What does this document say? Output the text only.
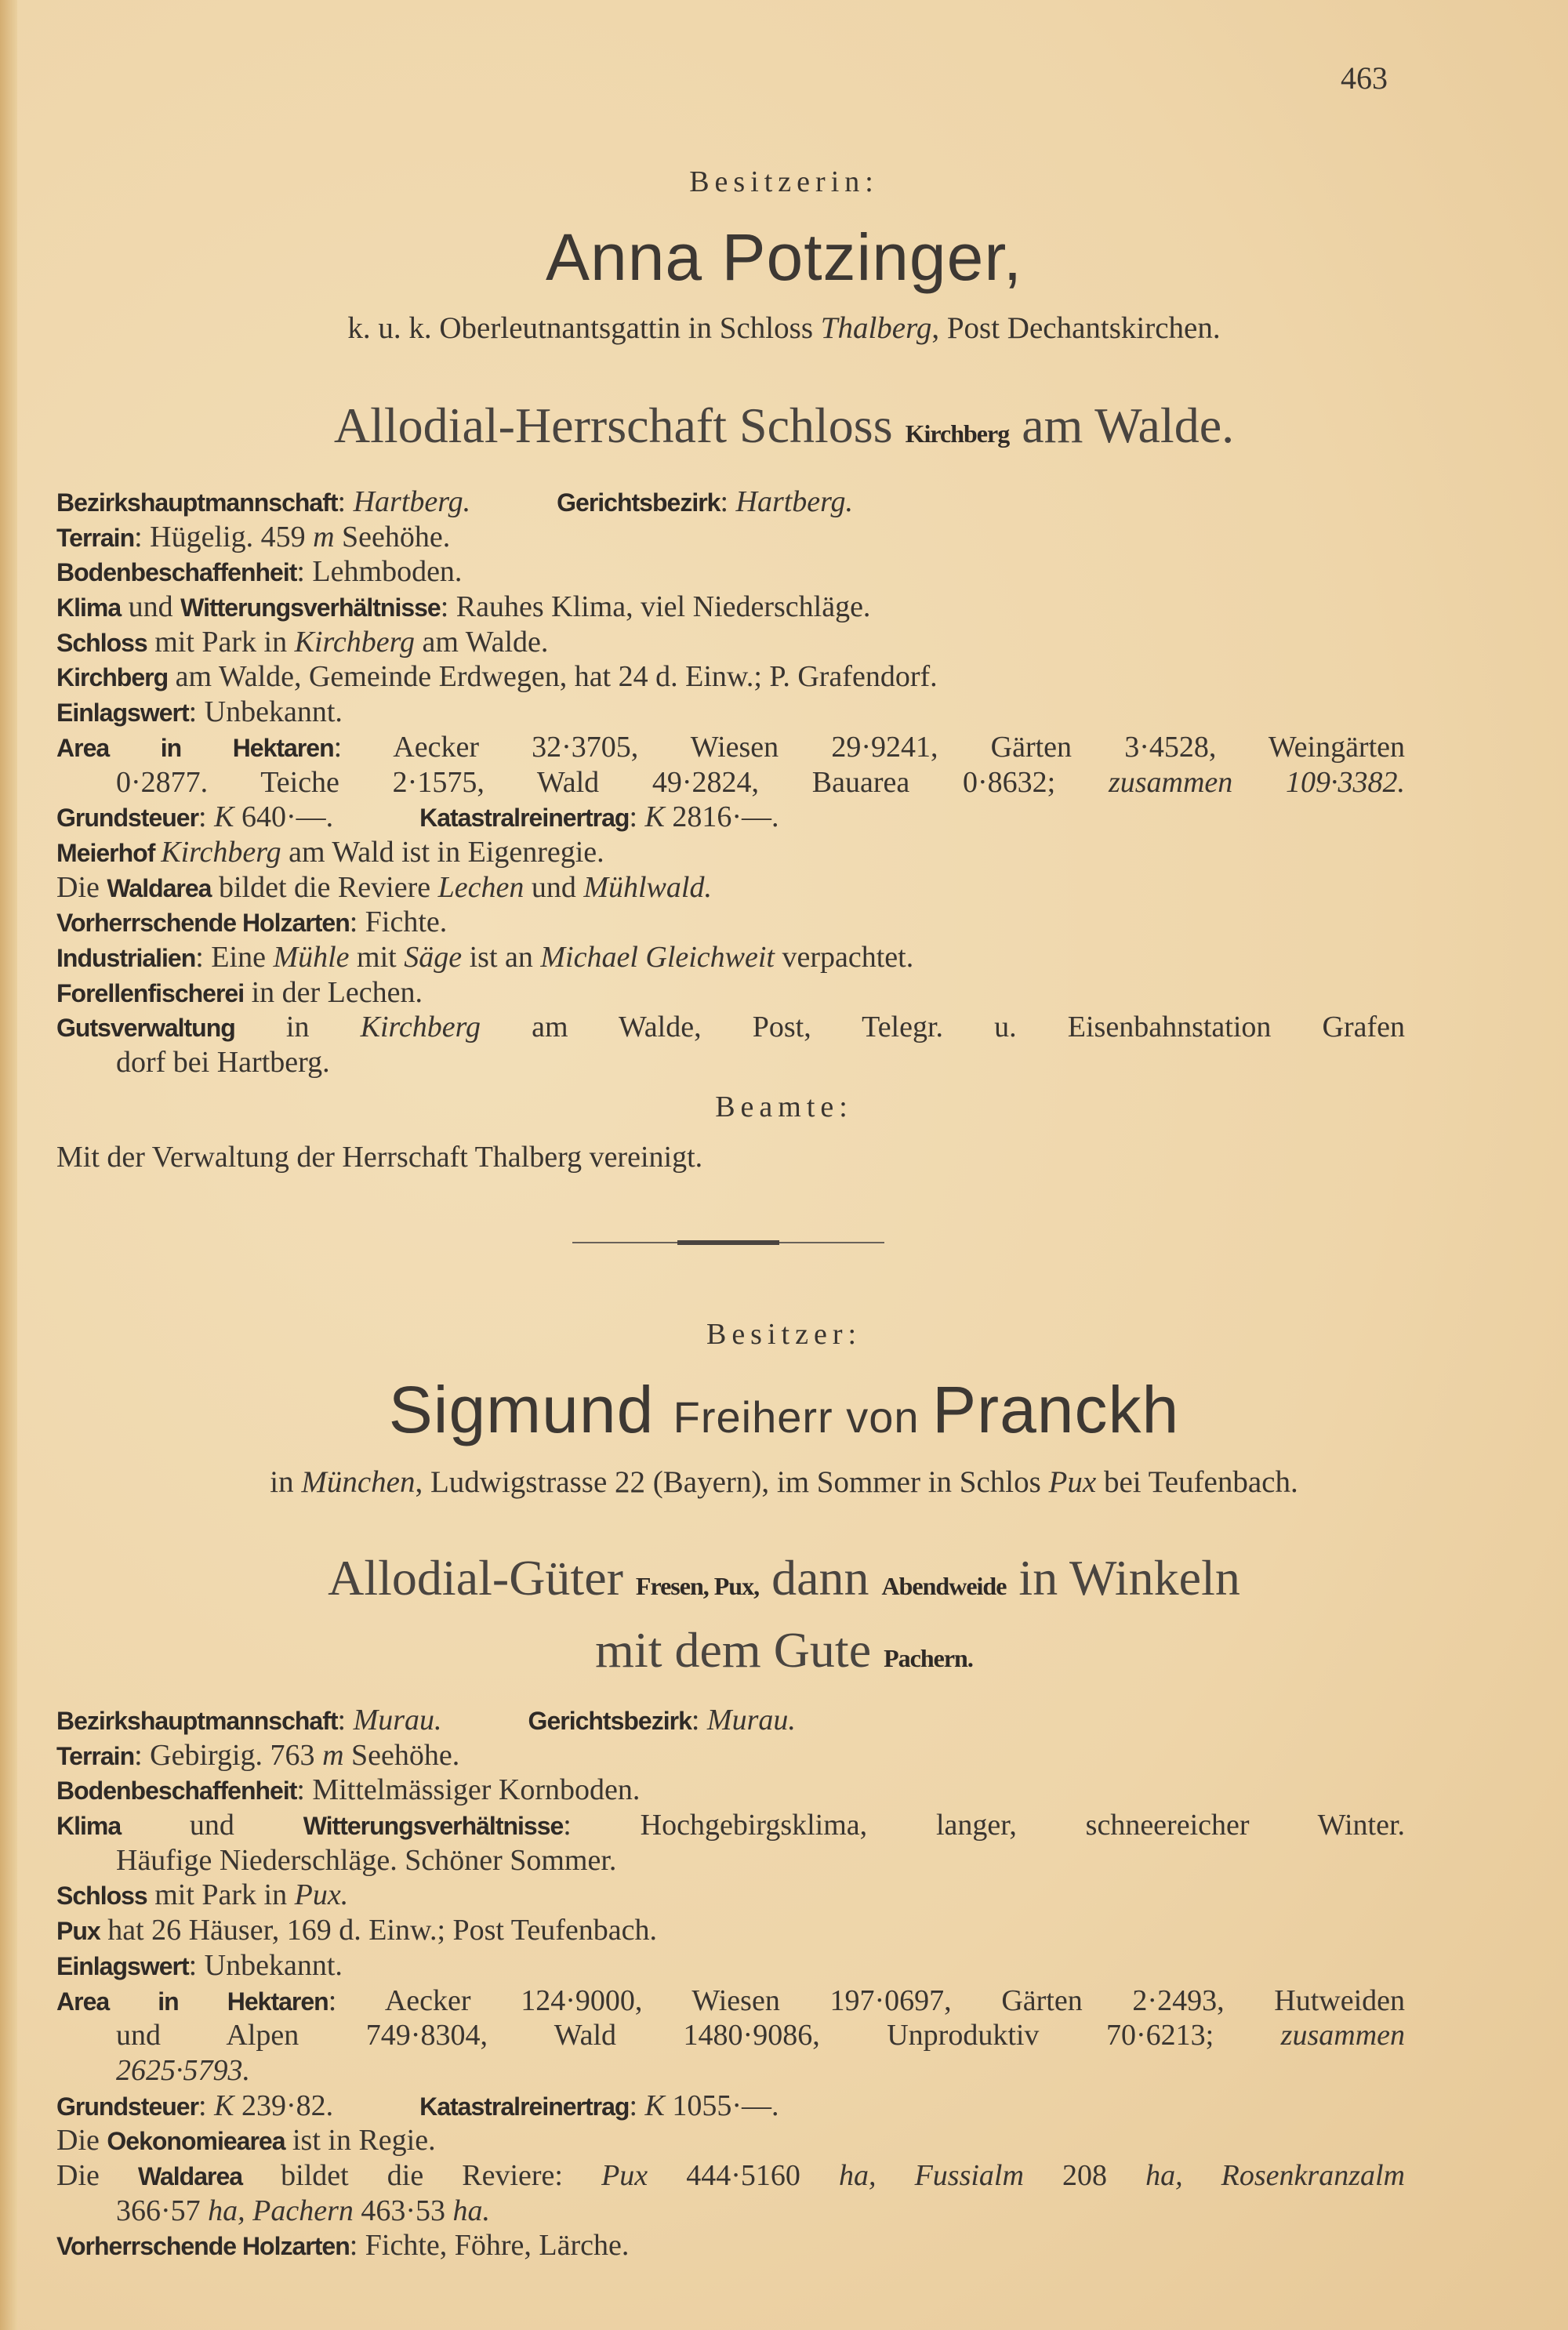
463
Besitzerin:
Anna Potzinger,
k. u. k. Oberleutnantsgattin in Schloss Thalberg, Post Dechantskirchen.
Allodial-Herrschaft Schloss Kirchberg am Walde.
Bezirkshauptmannschaft: Hartberg.	Gerichtsbezirk: Hartberg.
Terrain: Hügelig. 459 m Seehöhe.
Bodenbeschaffenheit: Lehmboden.
Klima und Witterungsverhältnisse: Rauhes Klima, viel Niederschläge.
Schloss mit Park in Kirchberg am Walde.
Kirchberg am Walde, Gemeinde Erdwegen, hat 24 d. Einw.; P. Grafendorf.
Einlagswert: Unbekannt.
Area in Hektaren: Aecker 32·3705, Wiesen 29·9241, Gärten 3·4528, Weingärten
0·2877. Teiche 2·1575, Wald 49·2824, Bauarea 0·8632; zusammen 109·3382.
Grundsteuer: K 640·—.	Katastralreinertrag: K 2816·—.
Meierhof Kirchberg am Wald ist in Eigenregie.
Die Waldarea bildet die Reviere Lechen und Mühlwald.
Vorherrschende Holzarten: Fichte.
Industrialien: Eine Mühle mit Säge ist an Michael Gleichweit verpachtet.
Forellenfischerei in der Lechen.
Gutsverwaltung in Kirchberg am Walde, Post, Telegr. u. Eisenbahnstation Grafen
dorf bei Hartberg.
Beamte:
Mit der Verwaltung der Herrschaft Thalberg vereinigt.
Besitzer:
Sigmund Freiherr von Pranckh
in München, Ludwigstrasse 22 (Bayern), im Sommer in Schlos Pux bei Teufenbach.
Allodial-Güter Fresen, Pux, dann Abendweide in Winkeln
mit dem Gute Pachern.
Bezirkshauptmannschaft: Murau.	Gerichtsbezirk: Murau.
Terrain: Gebirgig. 763 m Seehöhe.
Bodenbeschaffenheit: Mittelmässiger Kornboden.
Klima und Witterungsverhältnisse: Hochgebirgsklima, langer, schneereicher Winter.
Häufige Niederschläge. Schöner Sommer.
Schloss mit Park in Pux.
Pux hat 26 Häuser, 169 d. Einw.; Post Teufenbach.
Einlagswert: Unbekannt.
Area in Hektaren: Aecker 124·9000, Wiesen 197·0697, Gärten 2·2493, Hutweiden
und Alpen 749·8304, Wald 1480·9086, Unproduktiv 70·6213; zusammen
2625·5793.
Grundsteuer: K 239·82.	Katastralreinertrag: K 1055·—.
Die Oekonomiearea ist in Regie.
Die Waldarea bildet die Reviere: Pux 444·5160 ha, Fussialm 208 ha, Rosenkranzalm
366·57 ha, Pachern 463·53 ha.
Vorherrschende Holzarten: Fichte, Föhre, Lärche.
